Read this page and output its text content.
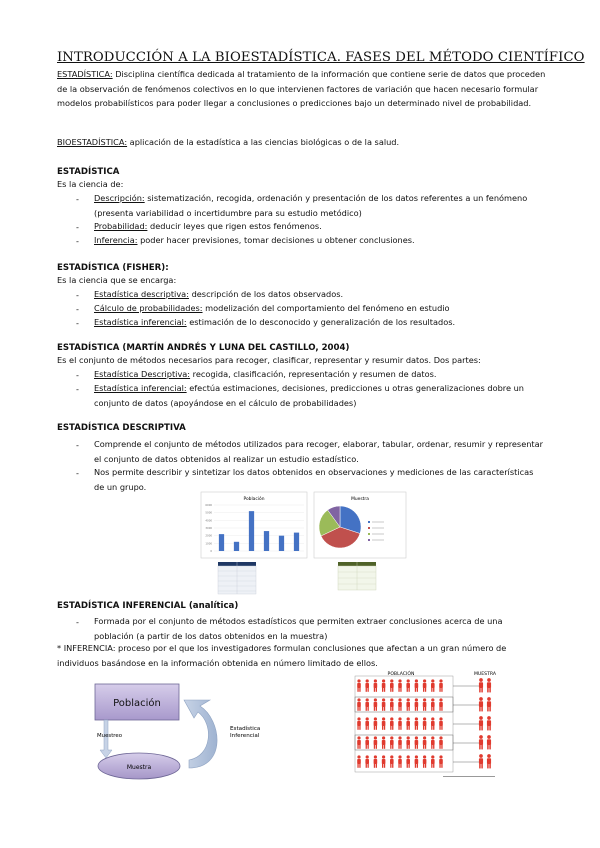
INTRODUCCIÓN A LA BIOESTADÍSTICA. FASES DEL MÉTODO CIENTÍFICO
ESTADÍSTICA: Disciplina científica dedicada al tratamiento de la información que contiene serie de datos que proceden de la observación de fenómenos colectivos en lo que intervienen factores de variación que hacen necesario formular modelos probabilísticos para poder llegar a conclusiones o predicciones bajo un determinado nivel de probabilidad.
BIOESTADÍSTICA: aplicación de la estadística a las ciencias biológicas o de la salud.
ESTADÍSTICA
Es la ciencia de:
- Descripción: sistematización, recogida, ordenación y presentación de los datos referentes a un fenómeno (presenta variabilidad o incertidumbre para su estudio metódico)
- Probabilidad: deducir leyes que rigen estos fenómenos.
- Inferencia: poder hacer previsiones, tomar decisiones u obtener conclusiones.
ESTADÍSTICA (FISHER):
Es la ciencia que se encarga:
- Estadística descriptiva: descripción de los datos observados.
- Cálculo de probabilidades: modelización del comportamiento del fenómeno en estudio
- Estadística inferencial: estimación de lo desconocido y generalización de los resultados.
ESTADÍSTICA (MARTÍN ANDRÉS Y LUNA DEL CASTILLO, 2004)
Es el conjunto de métodos necesarios para recoger, clasificar, representar y resumir datos. Dos partes:
- Estadística Descriptiva: recogida, clasificación, representación y resumen de datos.
- Estadística inferencial: efectúa estimaciones, decisiones, predicciones u otras generalizaciones dobre un conjunto de datos (apoyándose en el cálculo de probabilidades)
ESTADÍSTICA DESCRIPTIVA
- Comprende el conjunto de métodos utilizados para recoger, elaborar, tabular, ordenar, resumir y representar el conjunto de datos obtenidos al realizar un estudio estadístico.
- Nos permite describir y sintetizar los datos obtenidos en observaciones y mediciones de las características de un grupo.
Población
0
1000
2000
3000
4000
5000
6000
Muestra
ESTADÍSTICA INFERENCIAL (analítica)
- Formada por el conjunto de métodos estadísticos que permiten extraer conclusiones acerca de una población (a partir de los datos obtenidos en la muestra)
* INFERENCIA: proceso por el que los investigadores formulan conclusiones que afectan a un gran número de individuos basándose en la información obtenida en número limitado de ellos.
Población
Muestreo
Muestra
Estadística Inferencial
Estadística Inferencial
POBLACIÓN	MUESTRA
